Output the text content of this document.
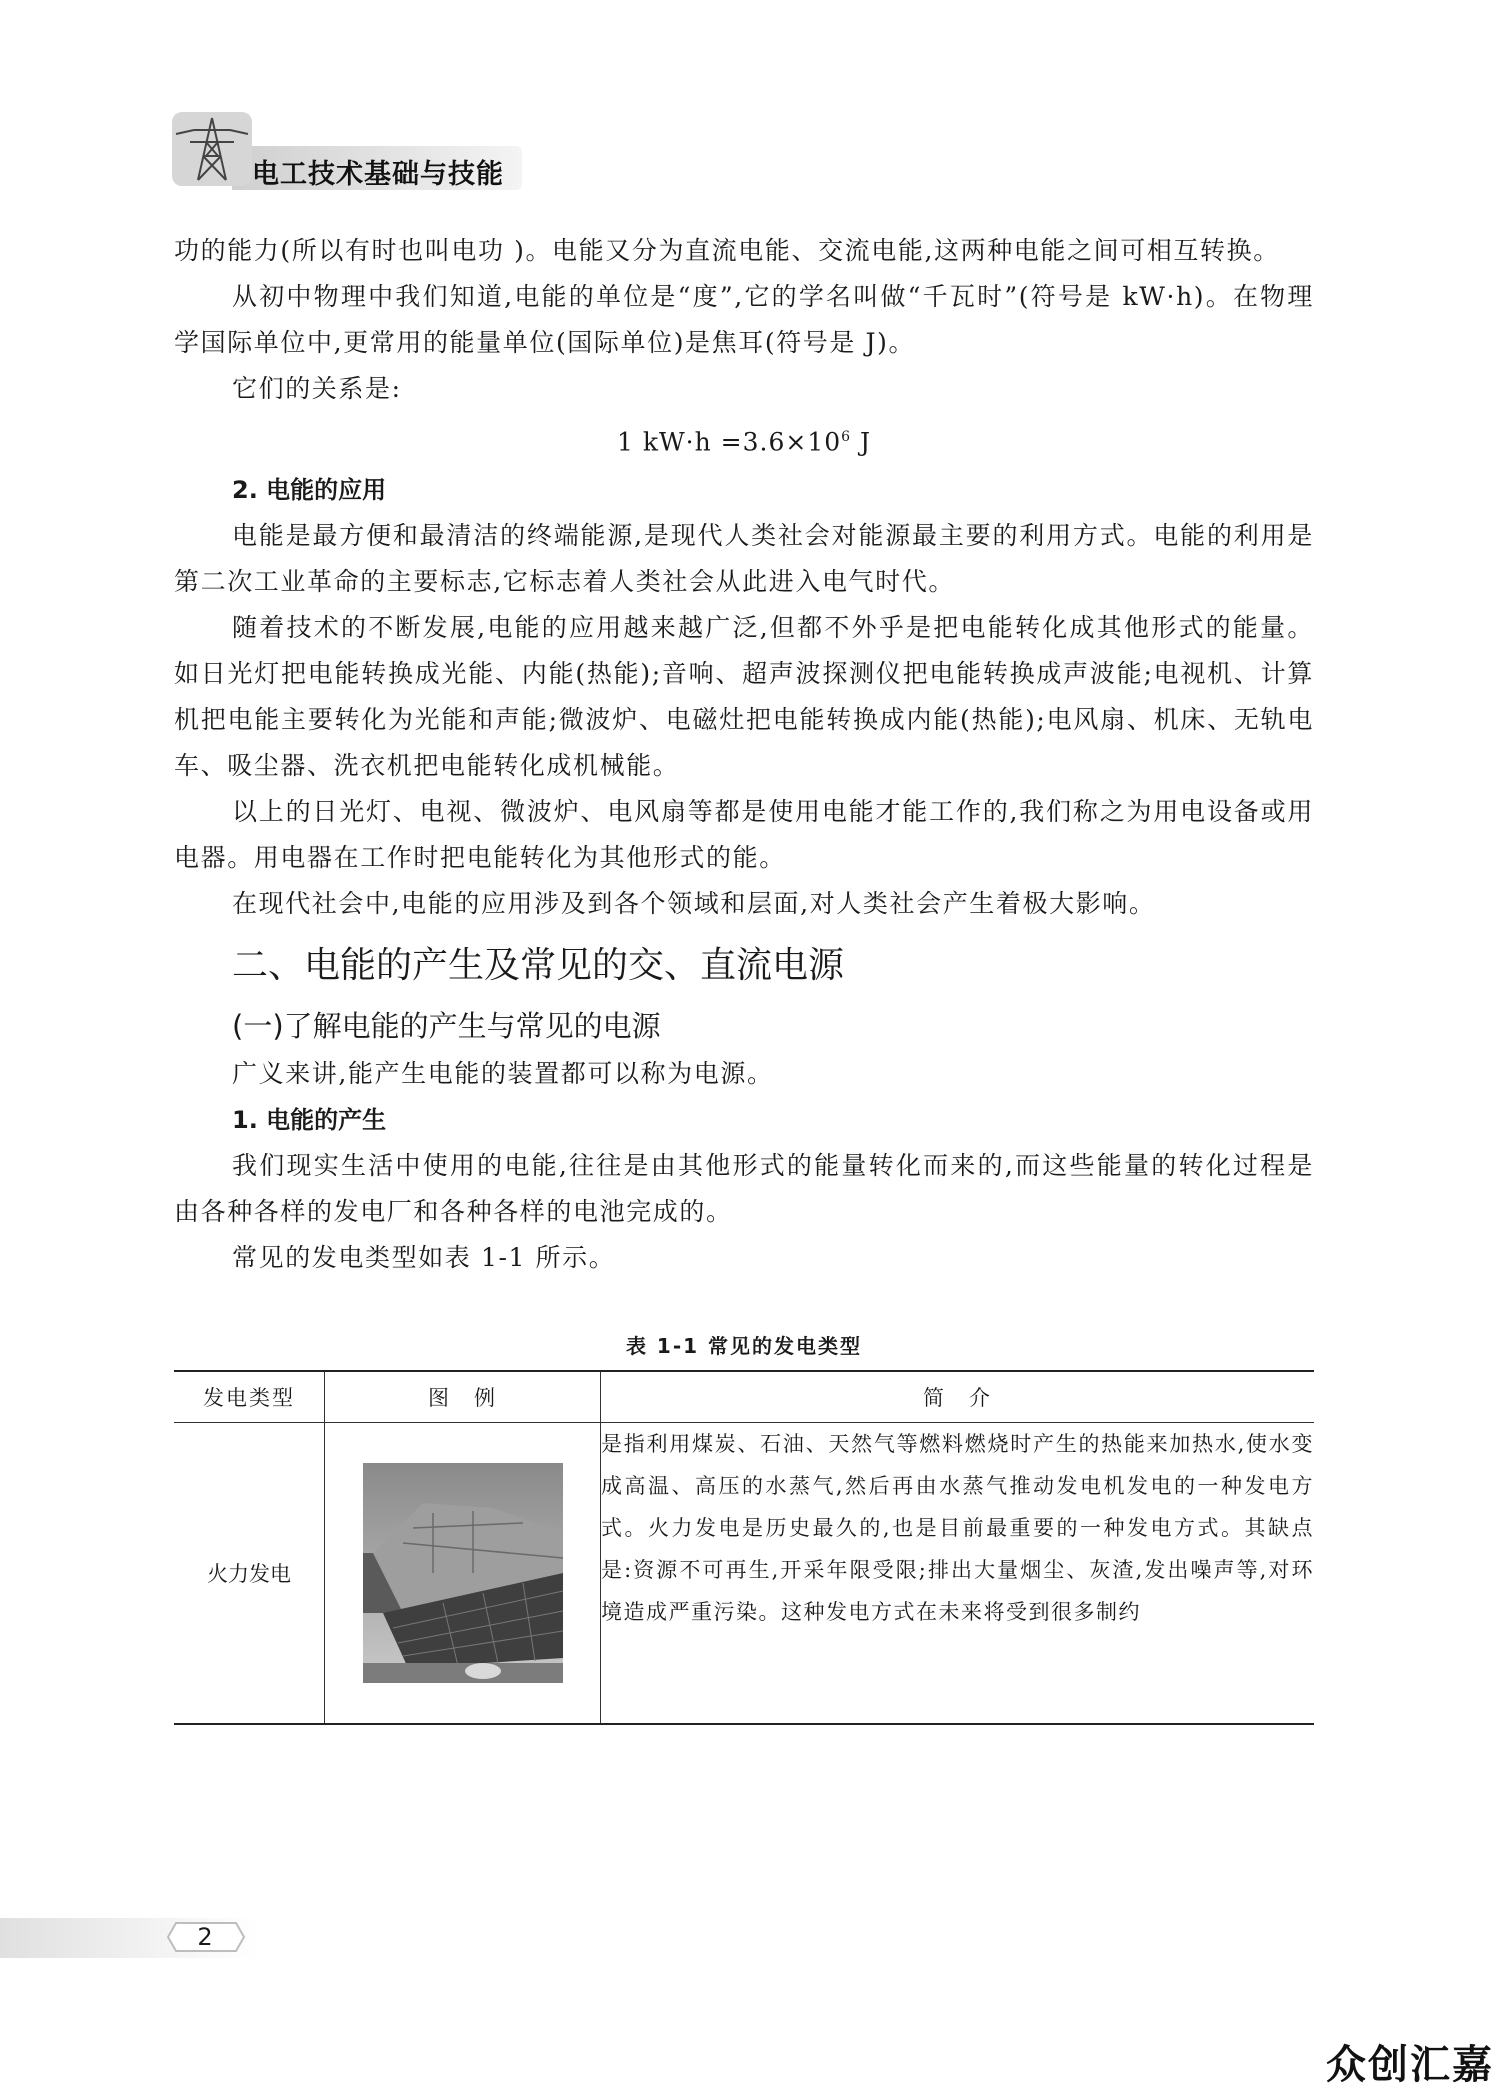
电工技术基础与技能

功的能力(所以有时也叫电功 )。电能又分为直流电能、交流电能,这两种电能之间可相互转换。

从初中物理中我们知道,电能的单位是“度”,它的学名叫做“千瓦时”(符号是 kW·h)。在物理学国际单位中,更常用的能量单位(国际单位)是焦耳(符号是 J)。

它们的关系是:

1 $kW\cdot h =3.6\times 10^6$ J

2. 电能的应用

电能是最方便和最清洁的终端能源,是现代人类社会对能源最主要的利用方式。电能的利用是第二次工业革命的主要标志,它标志着人类社会从此进入电气时代。

随着技术的不断发展,电能的应用越来越广泛,但都不外乎是把电能转化成其他形式的能量。如日光灯把电能转换成光能、内能(热能);音响、超声波探测仪把电能转换成声波能;电视机、计算机把电能主要转化为光能和声能;微波炉、电磁灶把电能转换成内能(热能);电风扇、机床、无轨电车、吸尘器、洗衣机把电能转化成机械能。

以上的日光灯、电视、微波炉、电风扇等都是使用电能才能工作的,我们称之为用电设备或用电器。用电器在工作时把电能转化为其他形式的能。

在现代社会中,电能的应用涉及到各个领域和层面,对人类社会产生着极大影响。

二、电能的产生及常见的交、直流电源

(一)了解电能的产生与常见的电源

广义来讲,能产生电能的装置都可以称为电源。

1. 电能的产生

我们现实生活中使用的电能,往往是由其他形式的能量转化而来的,而这些能量的转化过程是由各种各样的发电厂和各种各样的电池完成的。

常见的发电类型如表 1-1 所示。

表 1-1 常见的发电类型
发电类型	图　例	简　介
火力发电		是指利用煤炭、石油、天然气等燃料燃烧时产生的热能来加热水,使水变成高温、高压的水蒸气,然后再由水蒸气推动发电机发电的一种发电方式。火力发电是历史最久的,也是目前最重要的一种发电方式。其缺点是:资源不可再生,开采年限受限;排出大量烟尘、灰渣,发出噪声等,对环境造成严重污染。这种发电方式在未来将受到很多制约
2
众创汇嘉
